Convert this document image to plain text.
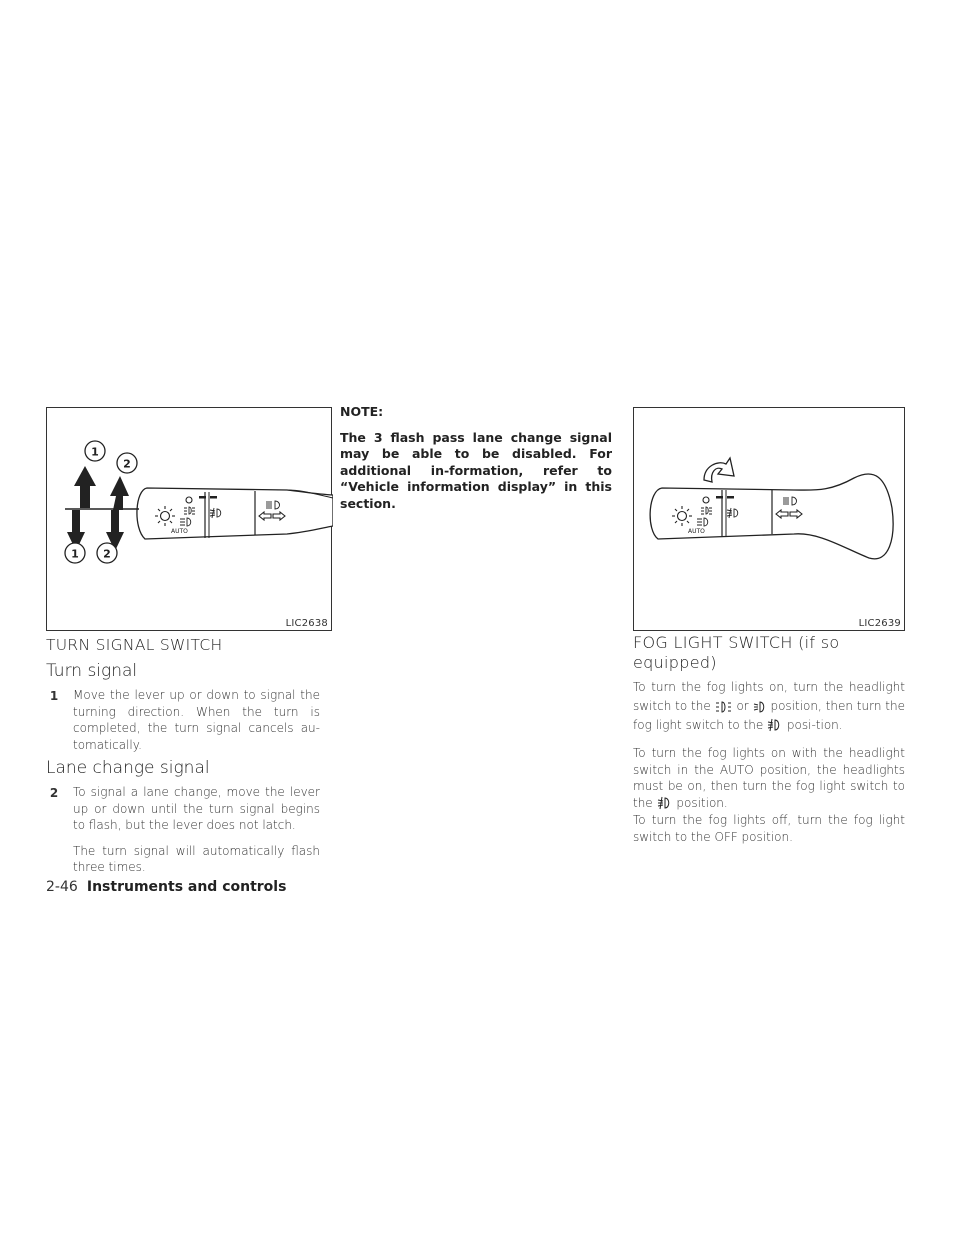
AUTO
1
2
1 2
LIC2638
AUTO
LIC2639
TURN SIGNAL SWITCH
Turn signal
1	Move the lever up or down to signal the turning direction. When the turn is completed, the turn signal cancels au-tomatically.
Lane change signal
2	To signal a lane change, move the lever up or down until the turn signal begins to flash, but the lever does not latch.
The turn signal will automatically flash three times.
2-46 Instruments and controls
NOTE:
The 3 flash pass lane change signal may be able to be disabled. For additional in-formation, refer to “Vehicle information display” in this section.
FOG LIGHT SWITCH (if so
equipped)
To turn the fog lights on, turn the headlight switch to the or position, then turn the fog light switch to the posi-tion.
To turn the fog lights on with the headlight switch in the AUTO position, the headlights must be on, then turn the fog light switch to the position.
To turn the fog lights off, turn the fog light switch to the OFF position.
